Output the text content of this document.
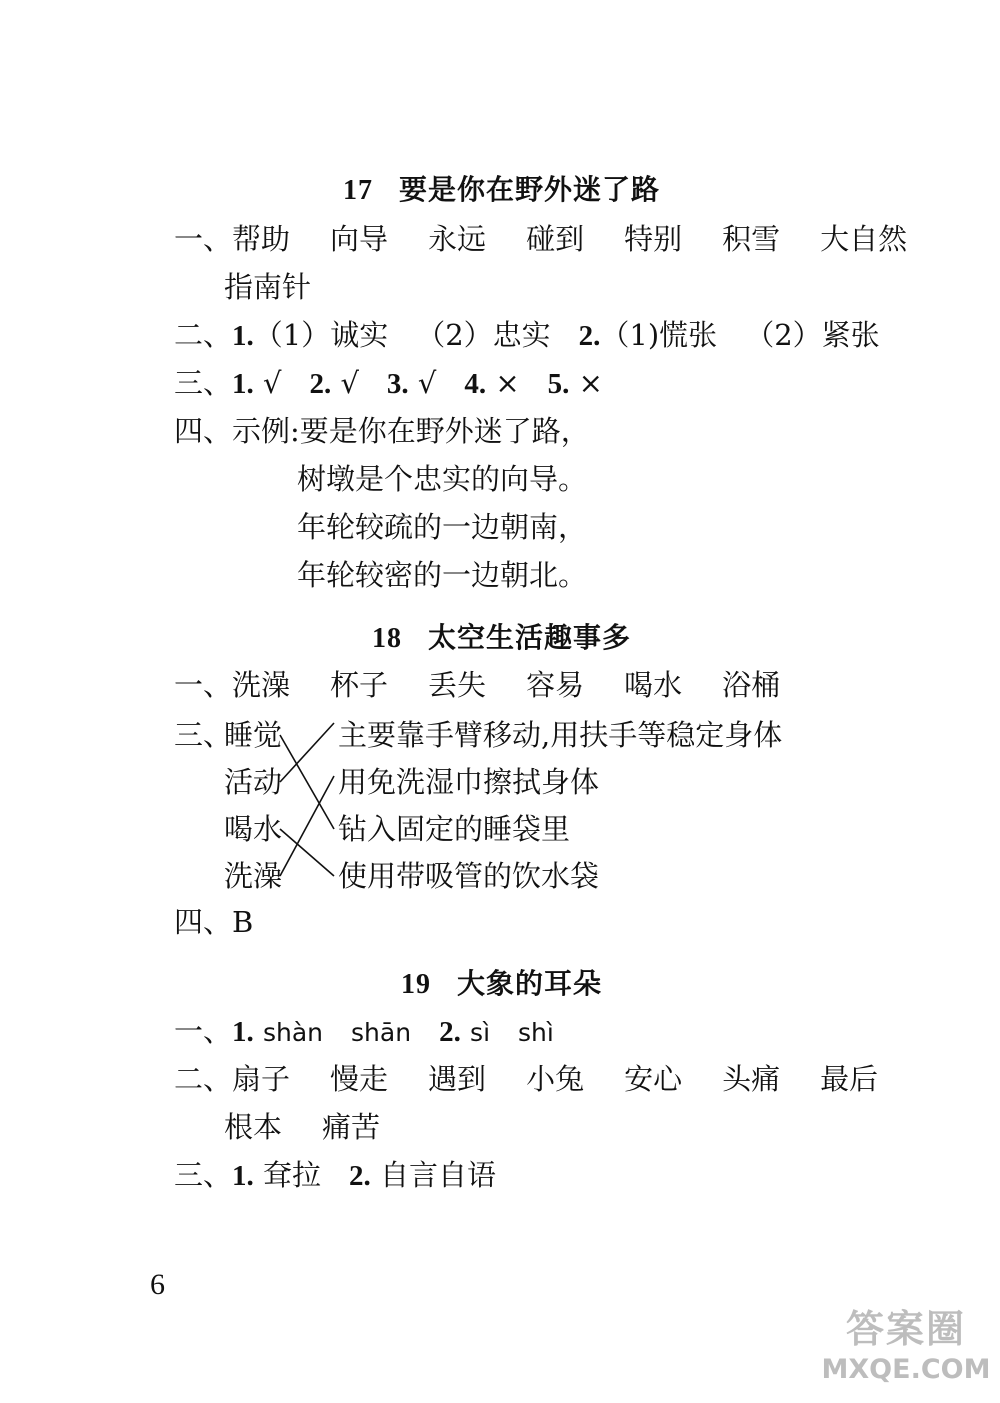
17 要是你在野外迷了路
一、帮助 向导 永远 碰到 特别 积雪 大自然
指南针
二、1.（1）诚实 （2）忠实 2.（1)慌张 （2）紧张
三、1. √ 2. √ 3. √ 4. × 5. ×
四、示例:要是你在野外迷了路，
树墩是个忠实的向导。
年轮较疏的一边朝南，
年轮较密的一边朝北。
18 太空生活趣事多
一、洗澡 杯子 丢失 容易 喝水 浴桶
三、
睡觉
活动
喝水
洗澡
主要靠手臂移动,用扶手等稳定身体
用免洗湿巾擦拭身体
钻入固定的睡袋里
使用带吸管的饮水袋
四、B
19 大象的耳朵
一、1. shàn shān 2. sì shì
二、扇子 慢走 遇到 小兔 安心 头痛 最后
根本 痛苦
三、1. 耷拉 2. 自言自语
6
答案圈
MXQE.COM
